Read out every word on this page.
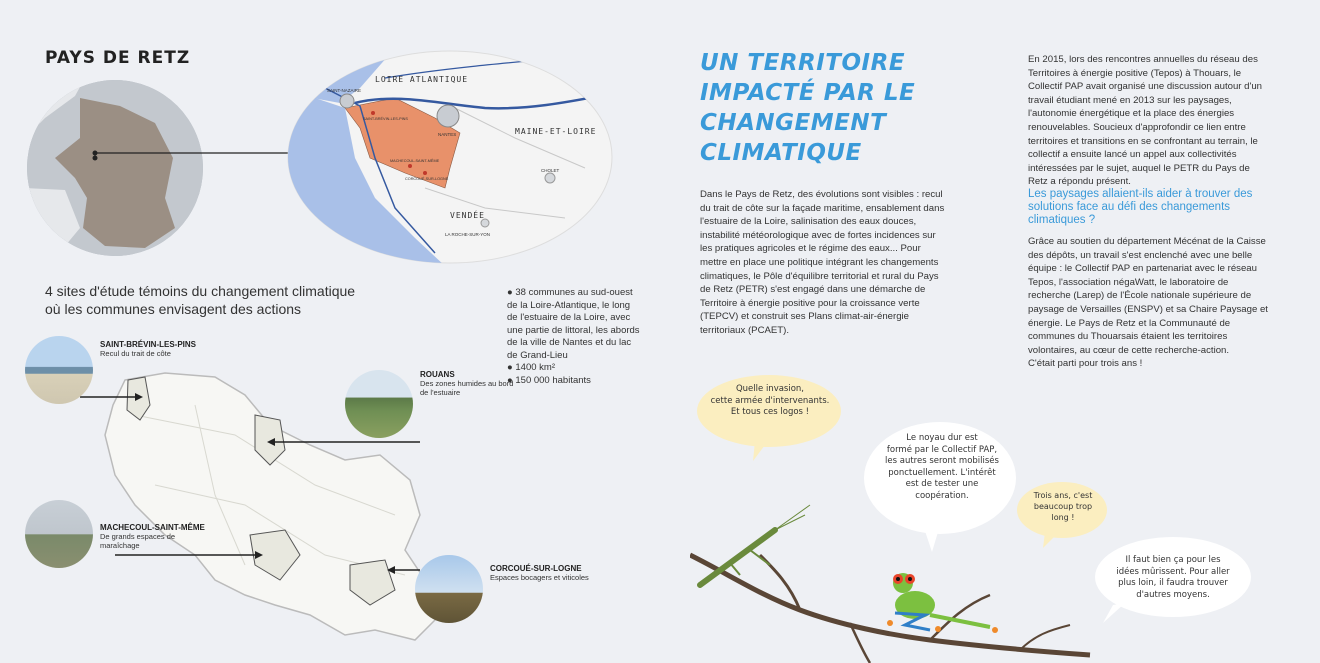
PAYS DE RETZ
LOIRE ATLANTIQUE
MAINE-ET-LOIRE
VENDÉE
SAINT-NAZAIRE
NANTES
CHOLET
LA ROCHE-SUR-YON
SAINT-BRÉVIN-LES-PINS
MACHECOUL-SAINT-MÊME
CORCOUÉ-SUR-LOGNE
4 sites d'étude témoins du changement climatique
où les communes envisagent des actions
● 38 communes au sud-ouest de la Loire-Atlantique, le long de l'estuaire de la Loire, avec une partie de littoral, les abords de la ville de Nantes et du lac de Grand-Lieu
● 1400 km²
● 150 000 habitants
SAINT-BRÉVIN-LES-PINS
Recul du trait de côte
ROUANS
Des zones humides au bord de l'estuaire
MACHECOUL-SAINT-MÊME
De grands espaces de maraîchage
CORCOUÉ-SUR-LOGNE
Espaces bocagers et viticoles
UN TERRITOIRE
IMPACTÉ PAR LE
CHANGEMENT
CLIMATIQUE
Dans le Pays de Retz, des évolutions sont visibles : recul du trait de côte sur la façade maritime, ensablement dans l'estuaire de la Loire, salinisation des eaux douces, instabilité météorologique avec de fortes incidences sur les pratiques agricoles et le régime des eaux... Pour mettre en place une politique intégrant les changements climatiques, le Pôle d'équilibre territorial et rural du Pays de Retz (PETR) s'est engagé dans une démarche de Territoire à énergie positive pour la croissance verte (TEPCV) et construit ses Plans climat-air-énergie territoriaux (PCAET).
En 2015, lors des rencontres annuelles du réseau des Territoires à énergie positive (Tepos) à Thouars, le Collectif PAP avait organisé une discussion autour d'un travail étudiant mené en 2013 sur les paysages, l'autonomie énergétique et la place des énergies renouvelables. Soucieux d'approfondir ce lien entre territoires et transitions en se confrontant au terrain, le collectif a ensuite lancé un appel aux collectivités intéressées par le sujet, auquel le PETR du Pays de Retz a répondu présent.
Les paysages allaient-ils aider à trouver des solutions face au défi des changements climatiques ?
Grâce au soutien du département Mécénat de la Caisse des dépôts, un travail s'est enclenché avec une belle équipe : le Collectif PAP en partenariat avec le réseau Tepos, l'association négaWatt, le laboratoire de recherche (Larep) de l'École nationale supérieure de paysage de Versailles (ENSPV) et sa Chaire Paysage et énergie. Le Pays de Retz et la Communauté de communes du Thouarsais étaient les territoires volontaires, au cœur de cette recherche-action.
C'était parti pour trois ans !
Quelle invasion,
cette armée d'intervenants.
Et tous ces logos !
Le noyau dur est
formé par le Collectif PAP,
les autres seront mobilisés
ponctuellement. L'intérêt
est de tester une
coopération.	Trois ans, c'est
beaucoup trop
long !
Il faut bien ça pour les
idées mûrissent. Pour aller
plus loin, il faudra trouver
d'autres moyens.
